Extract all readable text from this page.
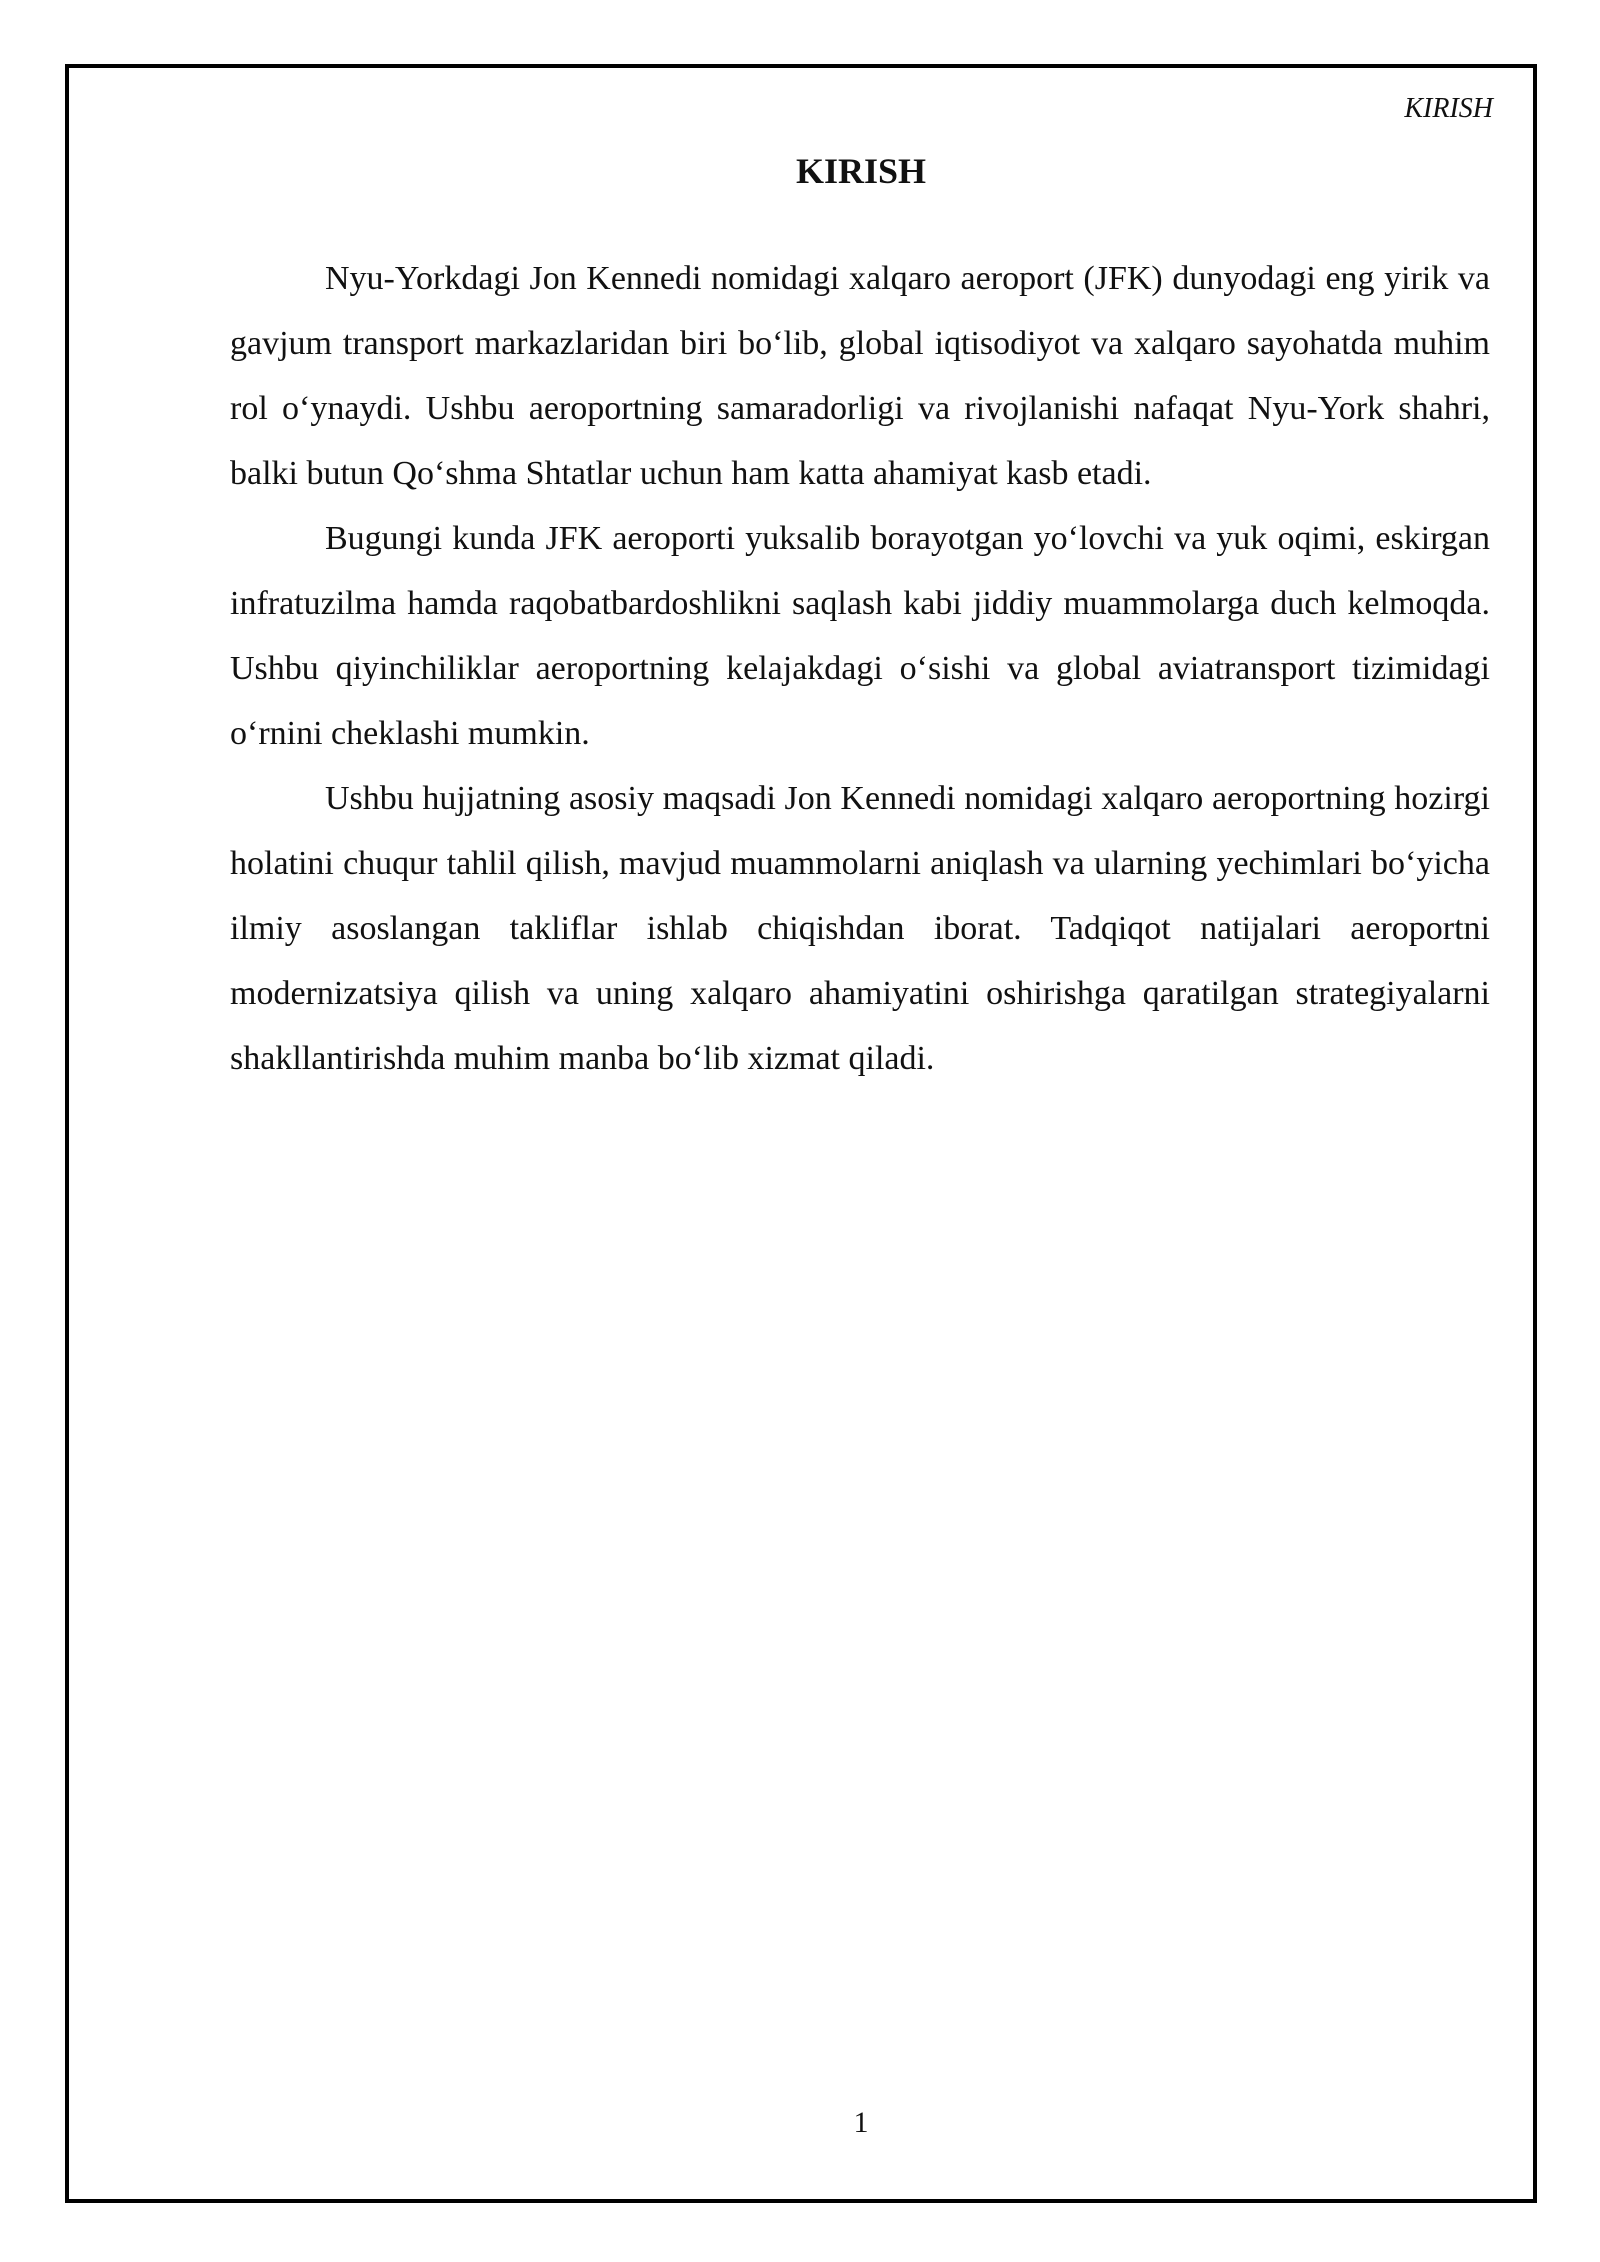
KIRISH
KIRISH

Nyu-Yorkdagi Jon Kennedi nomidagi xalqaro aeroport (JFK) dunyodagi eng yirik va gavjum transport markazlaridan biri bo‘lib, global iqtisodiyot va xalqaro sayohatda muhim rol o‘ynaydi. Ushbu aeroportning samaradorligi va rivojlanishi nafaqat Nyu-York shahri, balki butun Qo‘shma Shtatlar uchun ham katta ahamiyat kasb etadi.

Bugungi kunda JFK aeroporti yuksalib borayotgan yo‘lovchi va yuk oqimi, eskirgan infratuzilma hamda raqobatbardoshlikni saqlash kabi jiddiy muammolarga duch kelmoqda. Ushbu qiyinchiliklar aeroportning kelajakdagi o‘sishi va global aviatransport tizimidagi o‘rnini cheklashi mumkin.

Ushbu hujjatning asosiy maqsadi Jon Kennedi nomidagi xalqaro aeroportning hozirgi holatini chuqur tahlil qilish, mavjud muammolarni aniqlash va ularning yechimlari bo‘yicha ilmiy asoslangan takliflar ishlab chiqishdan iborat. Tadqiqot natijalari aeroportni modernizatsiya qilish va uning xalqaro ahamiyatini oshirishga qaratilgan strategiyalarni shakllantirishda muhim manba bo‘lib xizmat qiladi.

1
